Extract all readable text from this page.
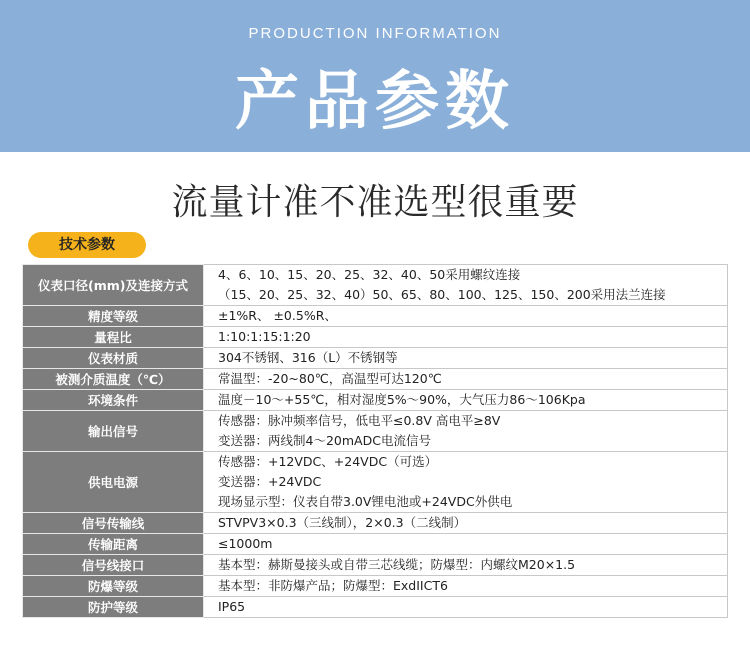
PRODUCTION INFORMATION
产品参数
流量计准不准选型很重要
技术参数
仪表口径(mm)及连接方式	4、6、10、15、20、25、32、40、50采用螺纹连接
（15、20、25、32、40）50、65、80、100、125、150、200采用法兰连接

精度等级	±1%R、 ±0.5%R、

量程比	1:10:1:15:1:20

仪表材质	304不锈钢、316（L）不锈钢等

被测介质温度（℃）	常温型：-20~80℃，高温型可达120℃

环境条件	温度－10～+55℃，相对湿度5%～90%，大气压力86～106Kpa

输出信号	传感器：脉冲频率信号，低电平≤0.8V 高电平≥8V
变送器：两线制4～20mADC电流信号

供电电源	传感器：+12VDC、+24VDC（可选）
变送器：+24VDC
现场显示型：仪表自带3.0V锂电池或+24VDC外供电

信号传输线	STVPV3×0.3（三线制），2×0.3（二线制）

传输距离	≤1000m

信号线接口	基本型：赫斯曼接头或自带三芯线缆；防爆型：内螺纹M20×1.5

防爆等级	基本型：非防爆产品；防爆型：ExdIICT6

防护等级	IP65
